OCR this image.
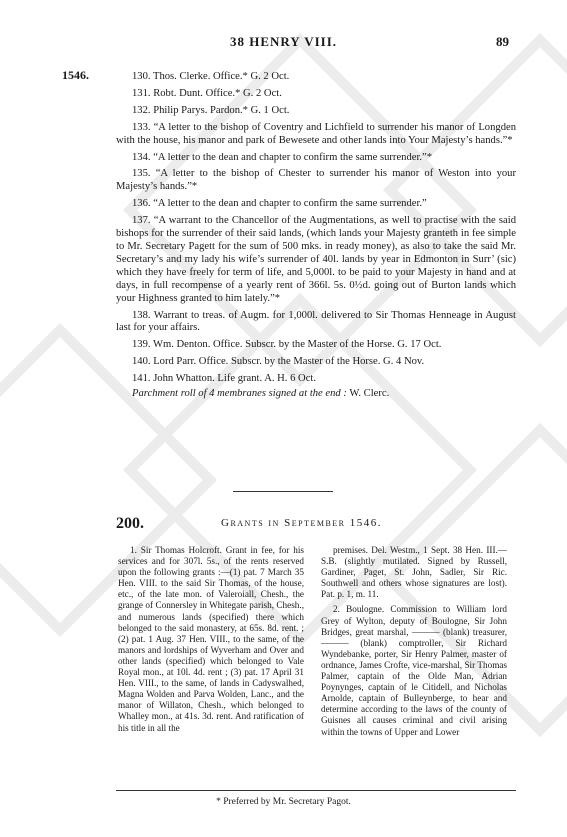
38 HENRY VIII.	89
1546.	130. Thos. Clerke. Office.* G. 2 Oct.

131. Robt. Dunt. Office.* G. 2 Oct.

132. Philip Parys. Pardon.* G. 1 Oct.

133. “A letter to the bishop of Coventry and Lichfield to surrender his manor of Longden with the house, his manor and park of Bewesete and other lands into Your Majesty’s hands.”*

134. “A letter to the dean and chapter to confirm the same surrender.”*

135. “A letter to the bishop of Chester to surrender his manor of Weston into your Majesty’s hands.”*

136. “A letter to the dean and chapter to confirm the same surrender.”

137. “A warrant to the Chancellor of the Augmentations, as well to practise with the said bishops for the surrender of their said lands, (which lands your Majesty granteth in fee simple to Mr. Secretary Pagett for the sum of 500 mks. in ready money), as also to take the said Mr. Secretary’s and my lady his wife’s surrender of 40l. lands by year in Edmonton in Surr’ (sic) which they have freely for term of life, and 5,000l. to be paid to your Majesty in hand and at days, in full recompense of a yearly rent of 366l. 5s. 0½d. going out of Burton lands which your Highness granted to him lately.”*

138. Warrant to treas. of Augm. for 1,000l. delivered to Sir Thomas Henneage in August last for your affairs.

139. Wm. Denton. Office. Subscr. by the Master of the Horse. G. 17 Oct.

140. Lord Parr. Office. Subscr. by the Master of the Horse. G. 4 Nov.

141. John Whatton. Life grant. A. H. 6 Oct.

Parchment roll of 4 membranes signed at the end : W. Clerc.

200.	Grants in September 1546.

1. Sir Thomas Holcroft. Grant in fee, for his services and for 307l. 5s., of the rents reserved upon the following grants :—(1) pat. 7 March 35 Hen. VIII. to the said Sir Thomas, of the house, etc., of the late mon. of Valeroiall, Chesh., the grange of Connersley in Whitegate parish, Chesh., and numerous lands (specified) there which belonged to the said monastery, at 65s. 8d. rent. ; (2) pat. 1 Aug. 37 Hen. VIII., to the same, of the manors and lordships of Wyverham and Over and other lands (specified) which belonged to Vale Royal mon., at 10l. 4d. rent ; (3) pat. 17 April 31 Hen. VIII., to the same, of lands in Cadyswalhed, Magna Wolden and Parva Wolden, Lanc., and the manor of Willaton, Chesh., which belonged to Whalley mon., at 41s. 3d. rent. And ratification of his title in all the

premises. Del. Westm., 1 Sept. 38 Hen. III.—S.B. (slightly mutilated. Signed by Russell, Gardiner, Paget, St. John, Sadler, Sir Ric. Southwell and others whose signatures are lost). Pat. p. 1, m. 11.

2. Boulogne. Commission to William lord Grey of Wylton, deputy of Boulogne, Sir John Bridges, great marshal, ——— (blank) treasurer, ——— (blank) comptroller, Sir Richard Wyndebanke, porter, Sir Henry Palmer, master of ordnance, James Crofte, vice-marshal, Sir Thomas Palmer, captain of the Olde Man, Adrian Poynynges, captain of le Citidell, and Nicholas Arnolde, captain of Bulleynberge, to hear and determine according to the laws of the county of Guisnes all causes criminal and civil arising within the towns of Upper and Lower

* Preferred by Mr. Secretary Pagot.
